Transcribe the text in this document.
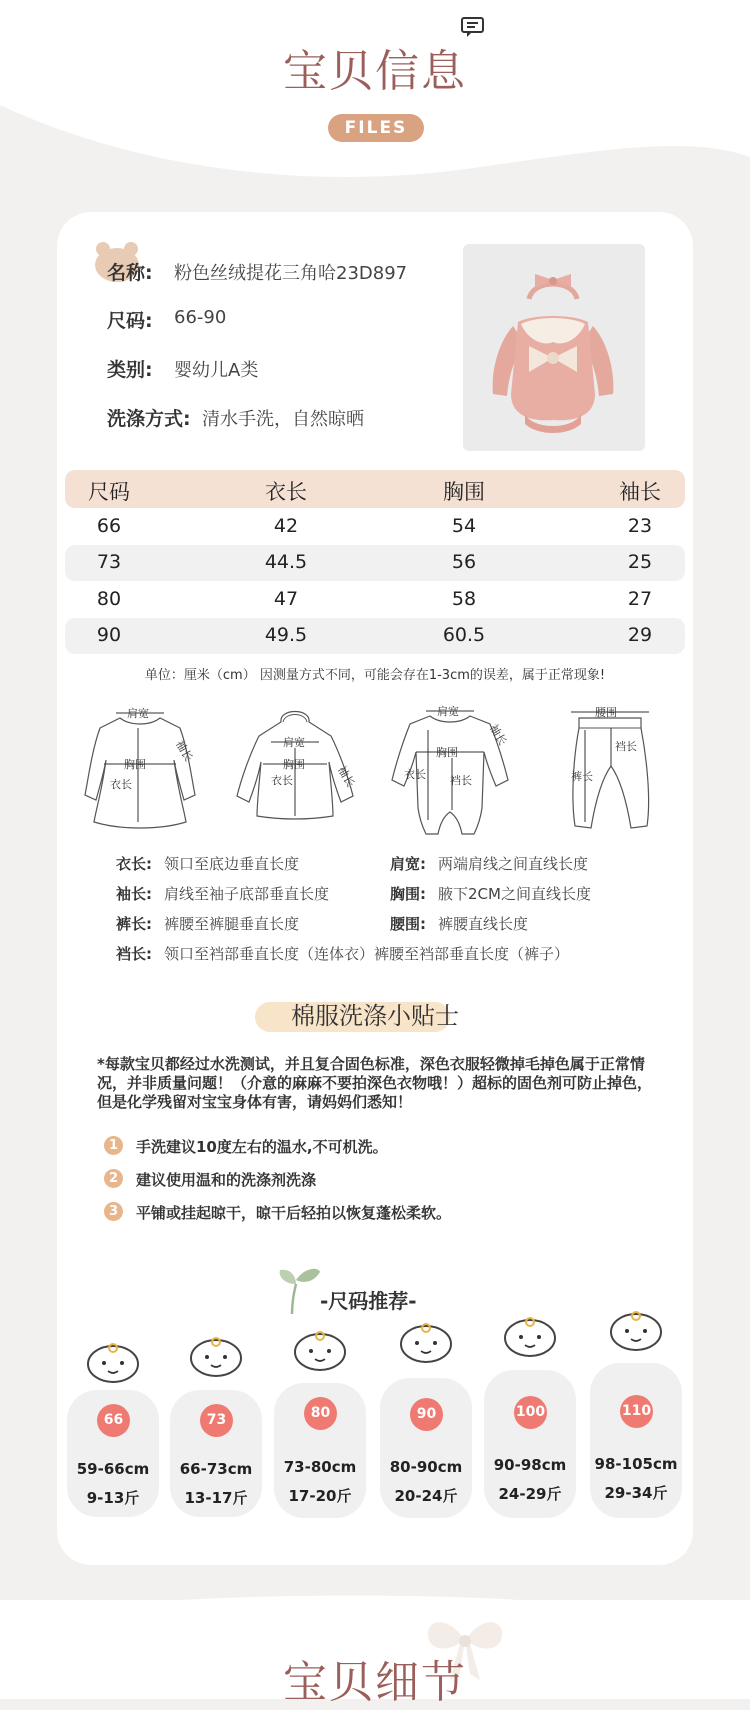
宝贝信息
FILES
名称: 粉色丝绒提花三角哈23D897
尺码: 66-90
类别: 婴幼儿A类
洗涤方式: 清水手洗，自然晾晒
尺码	衣长	胸围	袖长
66	42	54	23
73	44.5	56	25
80	47	58	27
90	49.5	60.5	29
单位：厘米（cm） 因测量方式不同，可能会存在1-3cm的误差，属于正常现象!
肩宽
胸围
衣长
袖长	肩宽
胸围
衣长	袖长
肩宽
胸围
衣长 裆长
袖长
腰围
裆长
裤长
衣长: 领口至底边垂直长度	肩宽: 两端肩线之间直线长度
袖长: 肩线至袖子底部垂直长度	胸围: 腋下2CM之间直线长度
裤长: 裤腰至裤腿垂直长度	腰围: 裤腰直线长度
裆长: 领口至裆部垂直长度（连体衣）裤腰至裆部垂直长度（裤子）
棉服洗涤小贴士
*每款宝贝都经过水洗测试，并且复合固色标准，深色衣服轻微掉毛掉色属于正常情况，并非质量问题！（介意的麻麻不要拍深色衣物哦！）超标的固色剂可防止掉色，但是化学残留对宝宝身体有害，请妈妈们悉知！
1	手洗建议10度左右的温水,不可机洗。
2	建议使用温和的洗涤剂洗涤
3	平铺或挂起晾干，晾干后轻拍以恢复蓬松柔软。
-尺码推荐-
66
59-66cm
9-13斤
73
66-73cm
13-17斤
80
73-80cm
17-20斤
90
80-90cm
20-24斤
100
90-98cm
24-29斤
110
98-105cm
29-34斤
宝贝细节
